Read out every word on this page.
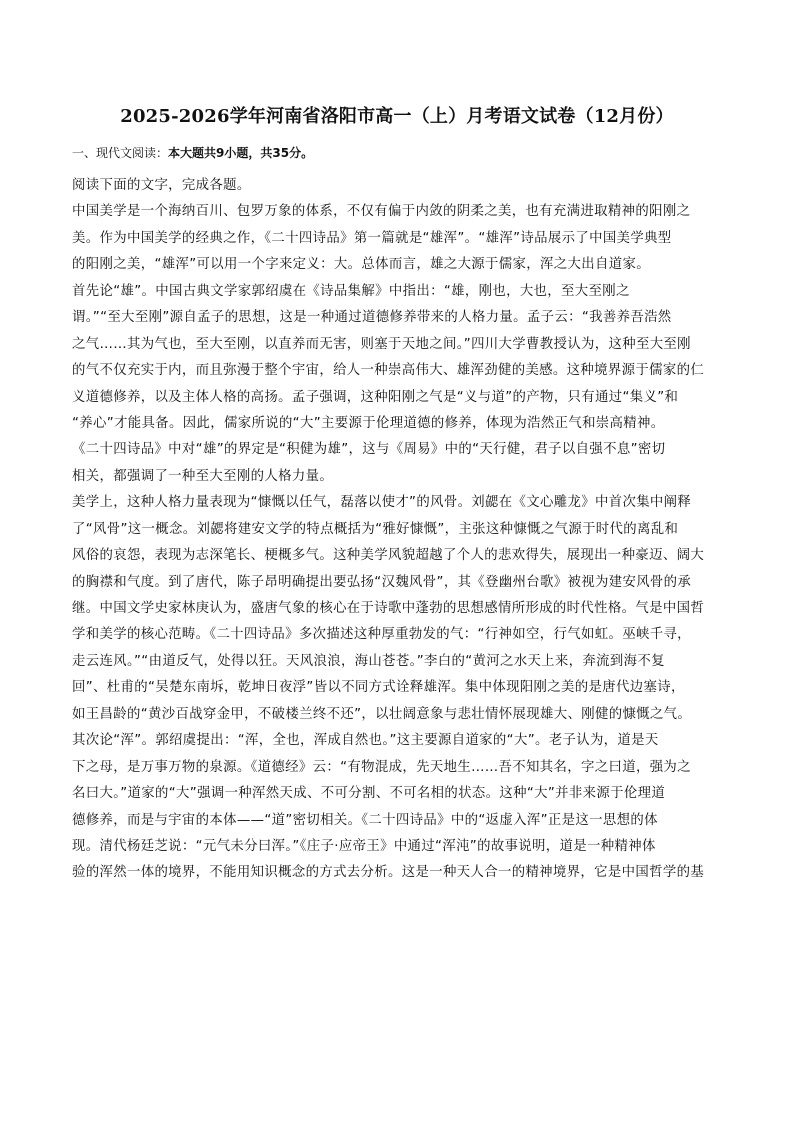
2025-2026学年河南省洛阳市高一（上）月考语文试卷（12月份）
一、现代文阅读：本大题共9小题，共35分。
阅读下面的文字，完成各题。
中国美学是一个海纳百川、包罗万象的体系，不仅有偏于内敛的阴柔之美，也有充满进取精神的阳刚之
美。作为中国美学的经典之作，《二十四诗品》第一篇就是“雄浑”。“雄浑”诗品展示了中国美学典型
的阳刚之美，“雄浑”可以用一个字来定义：大。总体而言，雄之大源于儒家，浑之大出自道家。
首先论“雄”。中国古典文学家郭绍虞在《诗品集解》中指出：“雄，刚也，大也，至大至刚之
谓。”“至大至刚”源自孟子的思想，这是一种通过道德修养带来的人格力量。孟子云：“我善养吾浩然
之气……其为气也，至大至刚，以直养而无害，则塞于天地之间。”四川大学曹教授认为，这种至大至刚
的气不仅充实于内，而且弥漫于整个宇宙，给人一种崇高伟大、雄浑劲健的美感。这种境界源于儒家的仁
义道德修养，以及主体人格的高扬。孟子强调，这种阳刚之气是“义与道”的产物，只有通过“集义”和
“养心”才能具备。因此，儒家所说的“大”主要源于伦理道德的修养，体现为浩然正气和崇高精神。
《二十四诗品》中对“雄”的界定是“积健为雄”，这与《周易》中的“天行健，君子以自强不息”密切
相关，都强调了一种至大至刚的人格力量。
美学上，这种人格力量表现为“慷慨以任气，磊落以使才”的风骨。刘勰在《文心雕龙》中首次集中阐释
了“风骨”这一概念。刘勰将建安文学的特点概括为“雅好慷慨”，主张这种慷慨之气源于时代的离乱和
风俗的哀怨，表现为志深笔长、梗概多气。这种美学风貌超越了个人的悲欢得失，展现出一种豪迈、阔大
的胸襟和气度。到了唐代，陈子昂明确提出要弘扬“汉魏风骨”，其《登幽州台歌》被视为建安风骨的承
继。中国文学史家林庚认为，盛唐气象的核心在于诗歌中蓬勃的思想感情所形成的时代性格。气是中国哲
学和美学的核心范畴。《二十四诗品》多次描述这种厚重勃发的气：“行神如空，行气如虹。巫峡千寻，
走云连风。”“由道反气，处得以狂。天风浪浪，海山苍苍。”李白的“黄河之水天上来，奔流到海不复
回”、杜甫的“吴楚东南坼，乾坤日夜浮”皆以不同方式诠释雄浑。集中体现阳刚之美的是唐代边塞诗，
如王昌龄的“黄沙百战穿金甲，不破楼兰终不还”，以壮阔意象与悲壮情怀展现雄大、刚健的慷慨之气。
其次论“浑”。郭绍虞提出：“浑，全也，浑成自然也。”这主要源自道家的“大”。老子认为，道是天
下之母，是万事万物的泉源。《道德经》云：“有物混成，先天地生……吾不知其名，字之曰道，强为之
名曰大。”道家的“大”强调一种浑然天成、不可分割、不可名相的状态。这种“大”并非来源于伦理道
德修养，而是与宇宙的本体——“道”密切相关。《二十四诗品》中的“返虚入浑”正是这一思想的体
现。清代杨廷芝说：“元气未分曰浑。”《庄子·应帝王》中通过“浑沌”的故事说明，道是一种精神体
验的浑然一体的境界，不能用知识概念的方式去分析。这是一种天人合一的精神境界，它是中国哲学的基
